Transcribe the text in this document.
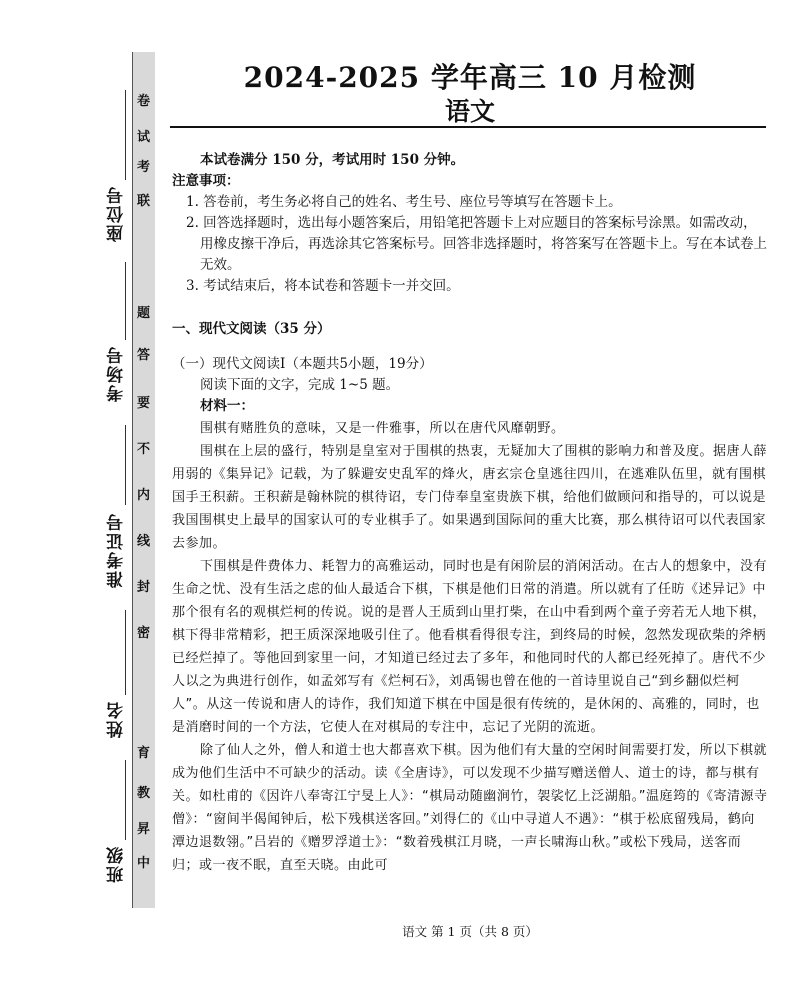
卷
试
考
联
题
答
要
不
内
线
封
密
育
教
昇
中
座位号
考场号
准考证号
姓名
班级
2024-2025 学年高三 10 月检测
语文

本试卷满分 150 分，考试用时 150 分钟。

注意事项：

1. 答卷前，考生务必将自己的姓名、考生号、座位号等填写在答题卡上。

2. 回答选择题时，选出每小题答案后，用铅笔把答题卡上对应题目的答案标号涂黑。如需改动，用橡皮擦干净后，再选涂其它答案标号。回答非选择题时，将答案写在答题卡上。写在本试卷上无效。

3. 考试结束后，将本试卷和答题卡一并交回。

一、现代文阅读（35 分）

（一）现代文阅读Ⅰ（本题共5小题，19分）

阅读下面的文字，完成 1~5 题。

材料一：

围棋有赌胜负的意味，又是一件雅事，所以在唐代风靡朝野。

围棋在上层的盛行，特别是皇室对于围棋的热衷，无疑加大了围棋的影响力和普及度。据唐人薛用弱的《集异记》记载，为了躲避安史乱军的烽火，唐玄宗仓皇逃往四川，在逃难队伍里，就有围棋国手王积薪。王积薪是翰林院的棋待诏，专门侍奉皇室贵族下棋，给他们做顾问和指导的，可以说是我国围棋史上最早的国家认可的专业棋手了。如果遇到国际间的重大比赛，那么棋待诏可以代表国家去参加。

下围棋是件费体力、耗智力的高雅运动，同时也是有闲阶层的消闲活动。在古人的想象中，没有生命之忧、没有生活之虑的仙人最适合下棋，下棋是他们日常的消遣。所以就有了任昉《述异记》中那个很有名的观棋烂柯的传说。说的是晋人王质到山里打柴，在山中看到两个童子旁若无人地下棋，棋下得非常精彩，把王质深深地吸引住了。他看棋看得很专注，到终局的时候，忽然发现砍柴的斧柄已经烂掉了。等他回到家里一问，才知道已经过去了多年，和他同时代的人都已经死掉了。唐代不少人以之为典进行创作，如孟郊写有《烂柯石》，刘禹锡也曾在他的一首诗里说自己“到乡翻似烂柯人”。从这一传说和唐人的诗作，我们知道下棋在中国是很有传统的，是休闲的、高雅的，同时，也是消磨时间的一个方法，它使人在对棋局的专注中，忘记了光阴的流逝。

除了仙人之外，僧人和道士也大都喜欢下棋。因为他们有大量的空闲时间需要打发，所以下棋就成为他们生活中不可缺少的活动。读《全唐诗》，可以发现不少描写赠送僧人、道士的诗，都与棋有关。如杜甫的《因许八奉寄江宁旻上人》：“棋局动随幽涧竹，袈裟忆上泛湖船。”温庭筠的《寄清源寺僧》：“窗间半偈闻钟后，松下残棋送客回。”刘得仁的《山中寻道人不遇》：“棋于松底留残局，鹤向潭边退数翎。”吕岩的《赠罗浮道士》：“数着残棋江月晓，一声长啸海山秋。”或松下残局，送客而归；或一夜不眠，直至天晓。由此可

语文 第 1 页（共 8 页）
